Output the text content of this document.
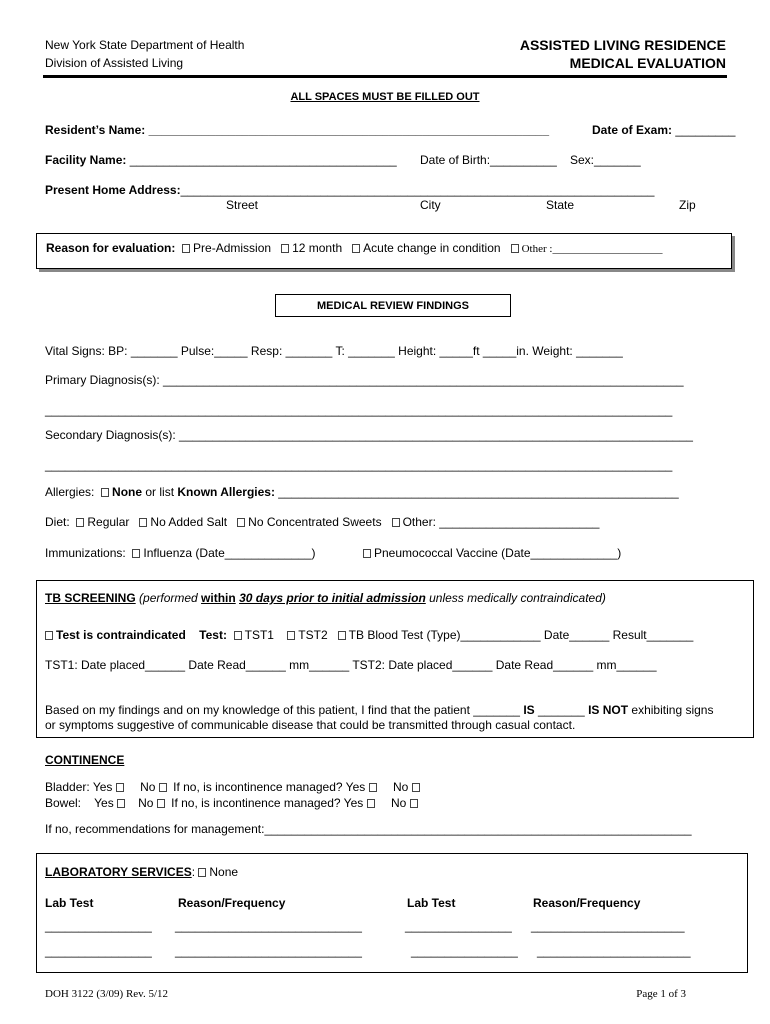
New York State Department of Health
Division of Assisted Living
ASSISTED LIVING RESIDENCE
MEDICAL EVALUATION
ALL SPACES MUST BE FILLED OUT
Resident’s Name: ____________________________________________________________	Date of Exam: _________
Facility Name: ________________________________________ Date of Birth:__________ Sex:_______
Present Home Address:_______________________________________________________________________
Street	City	State	Zip
Reason for evaluation: Pre-Admission 12 month Acute change in condition Other :____________________
MEDICAL REVIEW FINDINGS
Vital Signs: BP: _______ Pulse:_____ Resp: _______ T: _______ Height: _____ft _____in. Weight: _______
Primary Diagnosis(s): ______________________________________________________________________________
______________________________________________________________________________________________
Secondary Diagnosis(s): _____________________________________________________________________________
______________________________________________________________________________________________
Allergies: None or list Known Allergies: ____________________________________________________________
Diet: Regular No Added Salt No Concentrated Sweets Other: ________________________
Immunizations: Influenza (Date_____________)	Pneumococcal Vaccine (Date_____________)
TB SCREENING (performed within 30 days prior to initial admission unless medically contraindicated)
Test is contraindicated Test: TST1 TST2 TB Blood Test (Type)____________ Date______ Result_______
TST1: Date placed______ Date Read______ mm______ TST2: Date placed______ Date Read______ mm______
Based on my findings and on my knowledge of this patient, I find that the patient _______ IS _______ IS NOT exhibiting signs
or symptoms suggestive of communicable disease that could be transmitted through casual contact.
CONTINENCE
Bladder: Yes No If no, is incontinence managed? Yes No
Bowel:    Yes No If no, is incontinence managed? Yes No
If no, recommendations for management:________________________________________________________________
LABORATORY SERVICES: None
Lab Test	Reason/Frequency	Lab Test	Reason/Frequency
________________ ____________________________	________________ _______________________
________________ ____________________________	________________ _______________________
DOH 3122 (3/09) Rev. 5/12	Page 1 of 3
